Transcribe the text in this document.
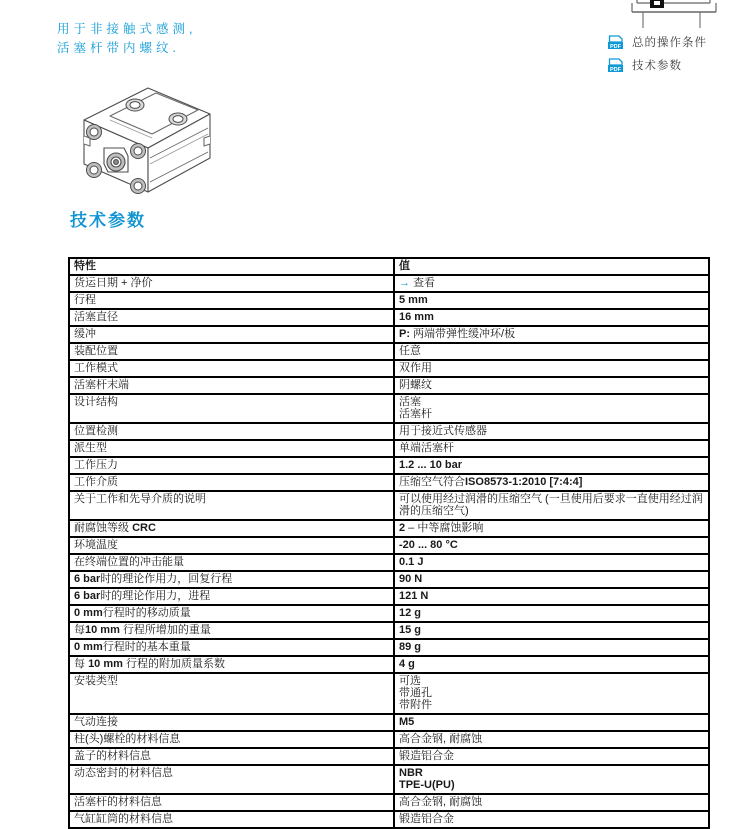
用于非接触式感测,
活塞杆带内螺纹.	PDF 总的操作条件
PDF 技术参数
技术参数
特性	值
货运日期 + 净价	→ 查看

行程	5 mm

活塞直径	16 mm

缓冲	P: 两端带弹性缓冲环/板

装配位置	任意

工作模式	双作用

活塞杆末端	阴螺纹

设计结构	活塞
活塞杆

位置检测	用于接近式传感器

派生型	单端活塞杆

工作压力	1.2 ... 10 bar

工作介质	压缩空气符合ISO8573-1:2010 [7:4:4]

关于工作和先导介质的说明	可以使用经过润滑的压缩空气 (一旦使用后要求一直使用经过润滑的压缩空气)

耐腐蚀等级 CRC	2 – 中等腐蚀影响

环境温度	-20 ... 80 °C

在终端位置的冲击能量	0.1 J

6 bar时的理论作用力，回复行程	90 N

6 bar时的理论作用力，进程	121 N

0 mm行程时的移动质量	12 g

每10 mm 行程所增加的重量	15 g

0 mm行程时的基本重量	89 g

每 10 mm 行程的附加质量系数	4 g

安装类型	可选
带通孔
带附件

气动连接	M5

柱(头)螺栓的材料信息	高合金钢, 耐腐蚀

盖子的材料信息	锻造铝合金

动态密封的材料信息	NBR
TPE-U(PU)

活塞杆的材料信息	高合金钢, 耐腐蚀

气缸缸筒的材料信息	锻造铝合金
